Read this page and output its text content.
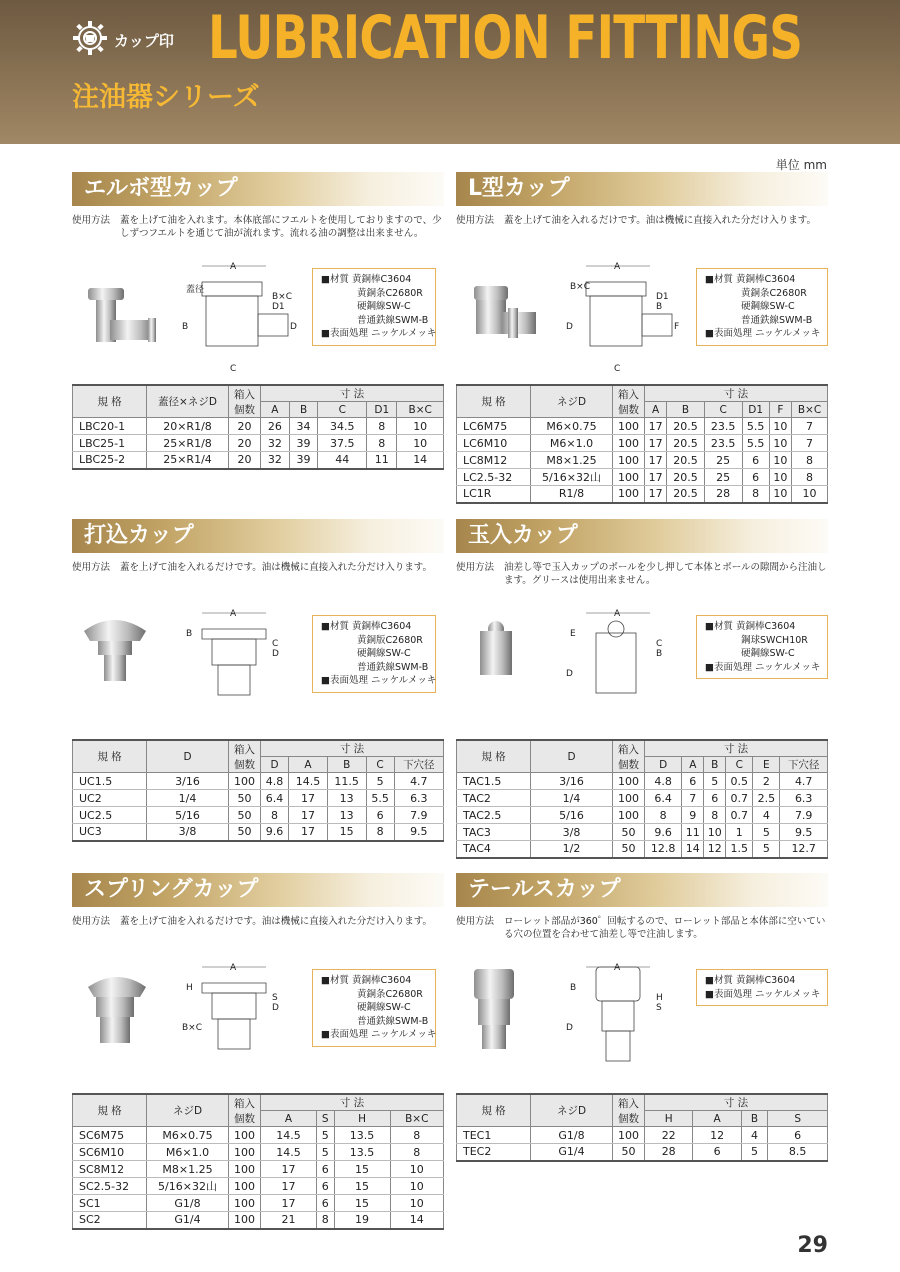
カップ印 LUBRICATION FITTINGS
注油器シリーズ
単位 mm
エルボ型カップ
使用方法	蓋を上げて油を入れます。本体底部にフエルトを使用しておりますので、少しずつフエルトを通じて油が流れます。流れる油の調整は出来ません。
A
蓋径
B×C
D1
B	D
C
■材質 黄銅棒C3604
黄銅条C2680R
硬鋼線SW-C
普通鉄線SWM-B
■表面処理 ニッケルメッキ
規 格	蓋径×ネジD	箱入個数	寸 法				
			A	B	C	D1	B×C
LBC20-1	20×R1/8	20	26	34	34.5	8	10
LBC25-1	25×R1/8	20	32	39	37.5	8	10
LBC25-2	25×R1/4	20	32	39	44	11	14
L型カップ
使用方法	蓋を上げて油を入れるだけです。油は機械に直接入れた分だけ入ります。
A
B×C
D1
B
D	F
C
■材質 黄銅棒C3604
黄銅条C2680R
硬鋼線SW-C
普通鉄線SWM-B
■表面処理 ニッケルメッキ
規 格	ネジD	箱入個数	寸 法					
			A	B	C	D1	F	B×C
LC6M75	M6×0.75	100	17	20.5	23.5	5.5	10	7
LC6M10	M6×1.0	100	17	20.5	23.5	5.5	10	7
LC8M12	M8×1.25	100	17	20.5	25	6	10	8
LC2.5-32	5/16×32山	100	17	20.5	25	6	10	8
LC1R	R1/8	100	17	20.5	28	8	10	10
打込カップ
使用方法	蓋を上げて油を入れるだけです。油は機械に直接入れた分だけ入ります。
A
B
C
D
■材質 黄銅棒C3604
黄銅版C2680R
硬鋼線SW-C
普通鉄線SWM-B
■表面処理 ニッケルメッキ
規 格	D	箱入個数	寸 法				
			D	A	B	C	下穴径
UC1.5	3/16	100	4.8	14.5	11.5	5	4.7
UC2	1/4	50	6.4	17	13	5.5	6.3
UC2.5	5/16	50	8	17	13	6	7.9
UC3	3/8	50	9.6	17	15	8	9.5
玉入カップ
使用方法	油差し等で玉入カップのボールを少し押して本体とボールの隙間から注油します。グリースは使用出来ません。
A
E
C
B
D
■材質 黄銅棒C3604
鋼球SWCH10R
硬鋼線SW-C
■表面処理 ニッケルメッキ
規 格	D	箱入個数	寸 法					
			D	A	B	C	E	下穴径
TAC1.5	3/16	100	4.8	6	5	0.5	2	4.7
TAC2	1/4	100	6.4	7	6	0.7	2.5	6.3
TAC2.5	5/16	100	8	9	8	0.7	4	7.9
TAC3	3/8	50	9.6	11	10	1	5	9.5
TAC4	1/2	50	12.8	14	12	1.5	5	12.7
スプリングカップ
使用方法	蓋を上げて油を入れるだけです。油は機械に直接入れた分だけ入ります。
A
H
S
D
B×C
■材質 黄銅棒C3604
黄銅条C2680R
硬鋼線SW-C
普通鉄線SWM-B
■表面処理 ニッケルメッキ
規 格	ネジD	箱入個数	寸 法			
			A	S	H	B×C
SC6M75	M6×0.75	100	14.5	5	13.5	8
SC6M10	M6×1.0	100	14.5	5	13.5	8
SC8M12	M8×1.25	100	17	6	15	10
SC2.5-32	5/16×32山	100	17	6	15	10
SC1	G1/8	100	17	6	15	10
SC2	G1/4	100	21	8	19	14
テールスカップ
使用方法	ローレット部品が360゜回転するので、ローレット部品と本体部に空いている穴の位置を合わせて油差し等で注油します。
A
B
H
S
D
■材質 黄銅棒C3604
■表面処理 ニッケルメッキ
規 格	ネジD	箱入個数	寸 法			
			H	A	B	S
TEC1	G1/8	100	22	12	4	6
TEC2	G1/4	50	28	6	5	8.5
29
